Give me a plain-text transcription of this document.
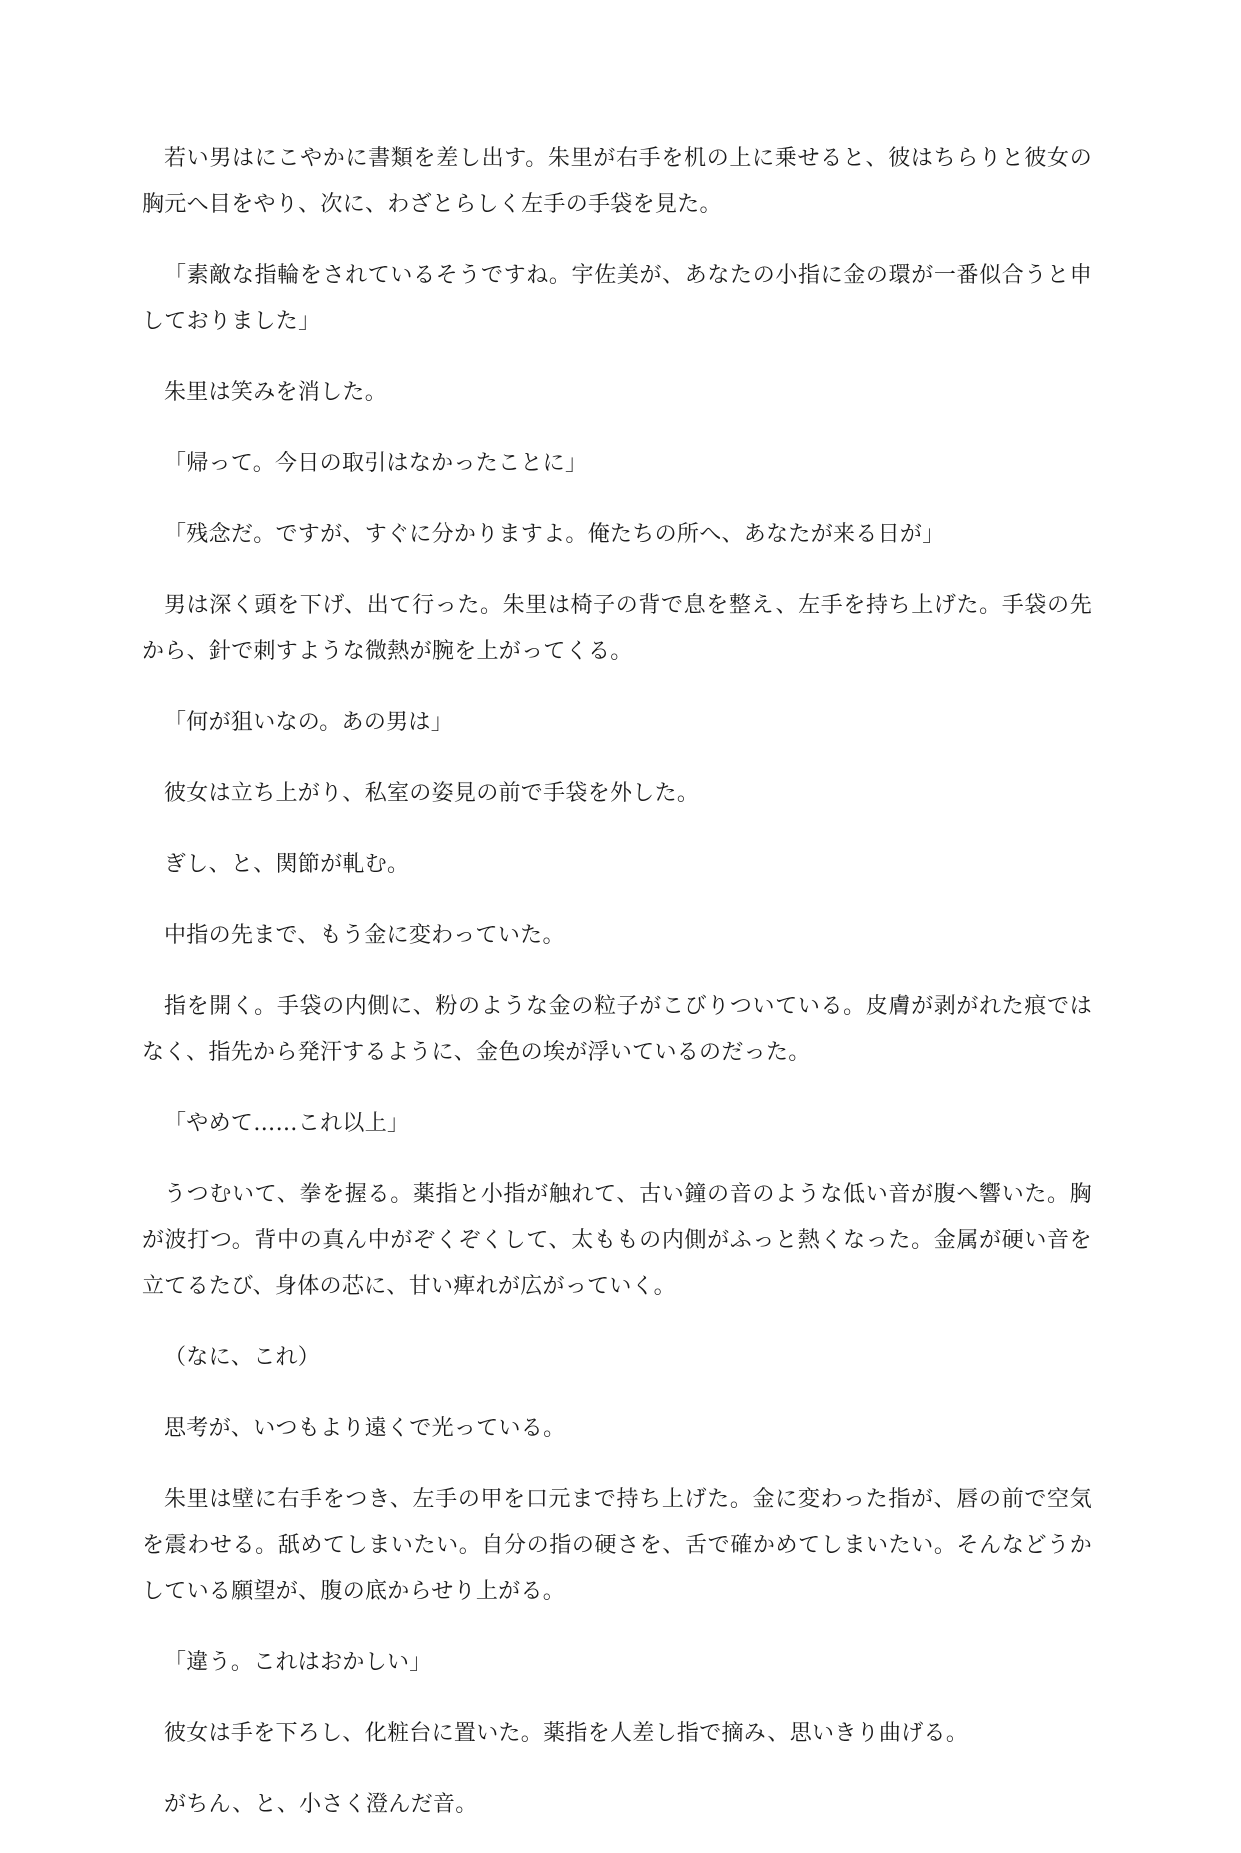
若い男はにこやかに書類を差し出す。朱里が右手を机の上に乗せると、彼はちらりと彼女の胸元へ目をやり、次に、わざとらしく左手の手袋を見た。

「素敵な指輪をされているそうですね。宇佐美が、あなたの小指に金の環が一番似合うと申しておりました」

朱里は笑みを消した。

「帰って。今日の取引はなかったことに」

「残念だ。ですが、すぐに分かりますよ。俺たちの所へ、あなたが来る日が」

男は深く頭を下げ、出て行った。朱里は椅子の背で息を整え、左手を持ち上げた。手袋の先から、針で刺すような微熱が腕を上がってくる。

「何が狙いなの。あの男は」

彼女は立ち上がり、私室の姿見の前で手袋を外した。

ぎし、と、関節が軋む。

中指の先まで、もう金に変わっていた。

指を開く。手袋の内側に、粉のような金の粒子がこびりついている。皮膚が剥がれた痕ではなく、指先から発汗するように、金色の埃が浮いているのだった。

「やめて……これ以上」

うつむいて、拳を握る。薬指と小指が触れて、古い鐘の音のような低い音が腹へ響いた。胸が波打つ。背中の真ん中がぞくぞくして、太ももの内側がふっと熱くなった。金属が硬い音を立てるたび、身体の芯に、甘い痺れが広がっていく。

（なに、これ）

思考が、いつもより遠くで光っている。

朱里は壁に右手をつき、左手の甲を口元まで持ち上げた。金に変わった指が、唇の前で空気を震わせる。舐めてしまいたい。自分の指の硬さを、舌で確かめてしまいたい。そんなどうかしている願望が、腹の底からせり上がる。

「違う。これはおかしい」

彼女は手を下ろし、化粧台に置いた。薬指を人差し指で摘み、思いきり曲げる。

がちん、と、小さく澄んだ音。
